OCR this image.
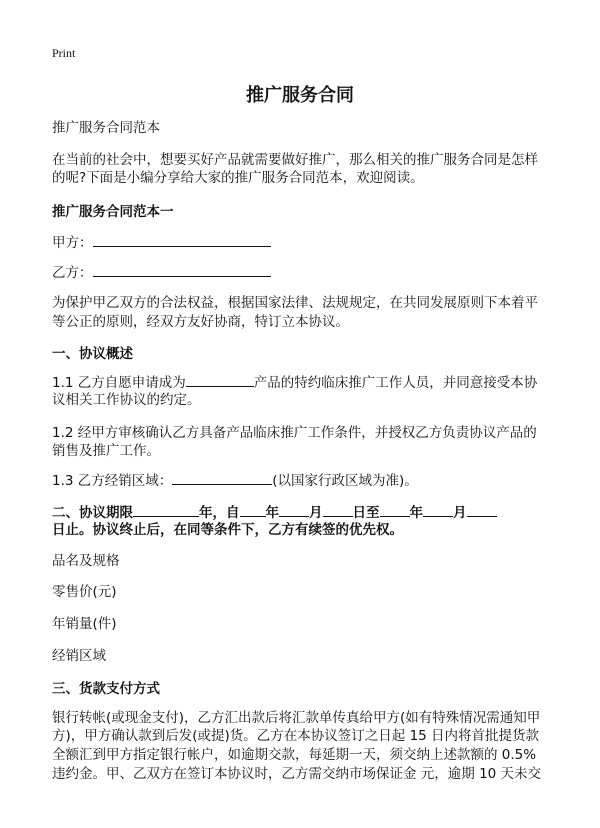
Print
推广服务合同
推广服务合同范本
在当前的社会中，想要买好产品就需要做好推广，那么相关的推广服务合同是怎样
的呢?下面是小编分享给大家的推广服务合同范本，欢迎阅读。
推广服务合同范本一
甲方：
乙方：
为保护甲乙双方的合法权益，根据国家法律、法规规定，在共同发展原则下本着平
等公正的原则，经双方友好协商，特订立本协议。
一、协议概述
1.1 乙方自愿申请成为	产品的特约临床推广工作人员，并同意接受本协
议相关工作协议的约定。
1.2 经甲方审核确认乙方具备产品临床推广工作条件，并授权乙方负责协议产品的
销售及推广工作。
1.3 乙方经销区域：	(以国家行政区域为准)。
二、协议期限	年，自 年 月 日至 年 月
日止。协议终止后，在同等条件下，乙方有续签的优先权。
品名及规格
零售价(元)
年销量(件)
经销区域
三、货款支付方式
银行转帐(或现金支付)，乙方汇出款后将汇款单传真给甲方(如有特殊情况需通知甲
方)，甲方确认款到后发(或提)货。乙方在本协议签订之日起 15 日内将首批提货款
全额汇到甲方指定银行帐户，如逾期交款，每延期一天，须交纳上述款额的 0.5%
违约金。甲、乙双方在签订本协议时，乙方需交纳市场保证金 元，逾期 10 天未交
